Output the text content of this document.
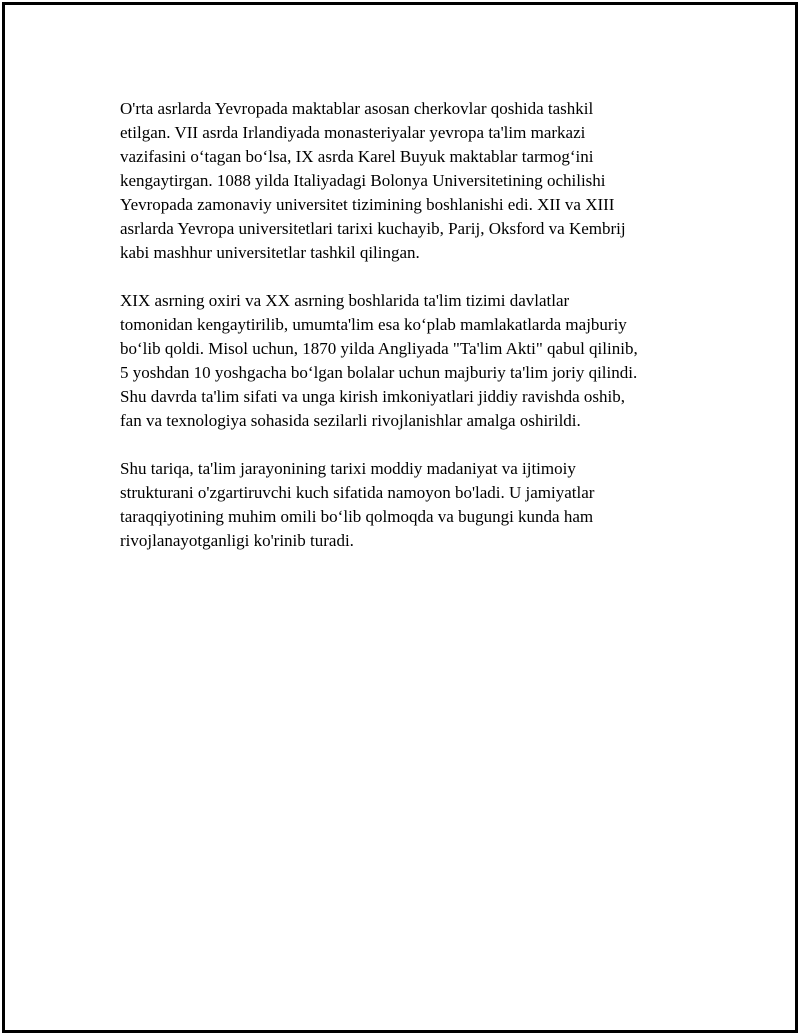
O'rta asrlarda Yevropada maktablar asosan cherkovlar qoshida tashkil
etilgan. VII asrda Irlandiyada monasteriyalar yevropa ta'lim markazi
vazifasini o‘tagan bo‘lsa, IX asrda Karel Buyuk maktablar tarmog‘ini
kengaytirgan. 1088 yilda Italiyadagi Bolonya Universitetining ochilishi
Yevropada zamonaviy universitet tizimining boshlanishi edi. XII va XIII
asrlarda Yevropa universitetlari tarixi kuchayib, Parij, Oksford va Kembrij
kabi mashhur universitetlar tashkil qilingan.

XIX asrning oxiri va XX asrning boshlarida ta'lim tizimi davlatlar
tomonidan kengaytirilib, umumta'lim esa ko‘plab mamlakatlarda majburiy
bo‘lib qoldi. Misol uchun, 1870 yilda Angliyada "Ta'lim Akti" qabul qilinib,
5 yoshdan 10 yoshgacha bo‘lgan bolalar uchun majburiy ta'lim joriy qilindi.
Shu davrda ta'lim sifati va unga kirish imkoniyatlari jiddiy ravishda oshib,
fan va texnologiya sohasida sezilarli rivojlanishlar amalga oshirildi.

Shu tariqa, ta'lim jarayonining tarixi moddiy madaniyat va ijtimoiy
strukturani o'zgartiruvchi kuch sifatida namoyon bo'ladi. U jamiyatlar
taraqqiyotining muhim omili bo‘lib qolmoqda va bugungi kunda ham
rivojlanayotganligi ko'rinib turadi.
